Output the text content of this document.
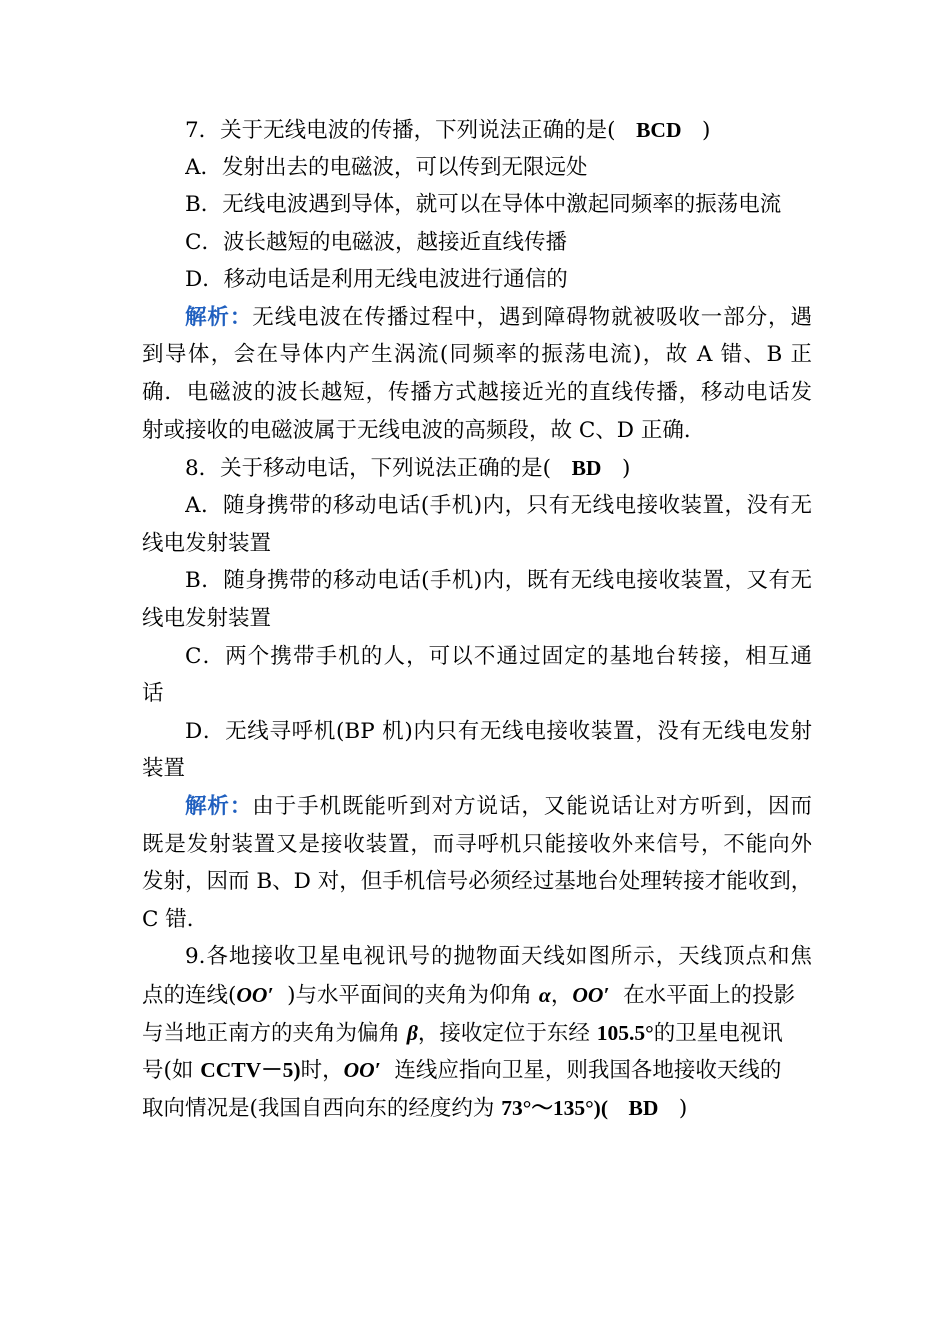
7．关于无线电波的传播，下列说法正确的是( BCD )
A．发射出去的电磁波，可以传到无限远处
B．无线电波遇到导体，就可以在导体中激起同频率的振荡电流
C．波长越短的电磁波，越接近直线传播
D．移动电话是利用无线电波进行通信的
解析：无线电波在传播过程中，遇到障碍物就被吸收一部分，遇
到导体，会在导体内产生涡流(同频率的振荡电流)，故 A 错、B 正
确．电磁波的波长越短，传播方式越接近光的直线传播，移动电话发
射或接收的电磁波属于无线电波的高频段，故 C、D 正确．
8．关于移动电话，下列说法正确的是( BD )
A．随身携带的移动电话(手机)内，只有无线电接收装置，没有无
线电发射装置
B．随身携带的移动电话(手机)内，既有无线电接收装置，又有无
线电发射装置
C．两个携带手机的人，可以不通过固定的基地台转接，相互通
话
D．无线寻呼机(BP 机)内只有无线电接收装置，没有无线电发射
装置
解析：由于手机既能听到对方说话，又能说话让对方听到，因而
既是发射装置又是接收装置，而寻呼机只能接收外来信号，不能向外
发射，因而 B、D 对，但手机信号必须经过基地台处理转接才能收到，
C 错．
9.各地接收卫星电视讯号的抛物面天线如图所示，天线顶点和焦
点的连线(OO′ )与水平面间的夹角为仰角 α，OO′ 在水平面上的投影
与当地正南方的夹角为偏角 β，接收定位于东经 105.5°的卫星电视讯
号(如 CCTV－5)时，OO′ 连线应指向卫星，则我国各地接收天线的
取向情况是(我国自西向东的经度约为 73°～135°)( BD )
